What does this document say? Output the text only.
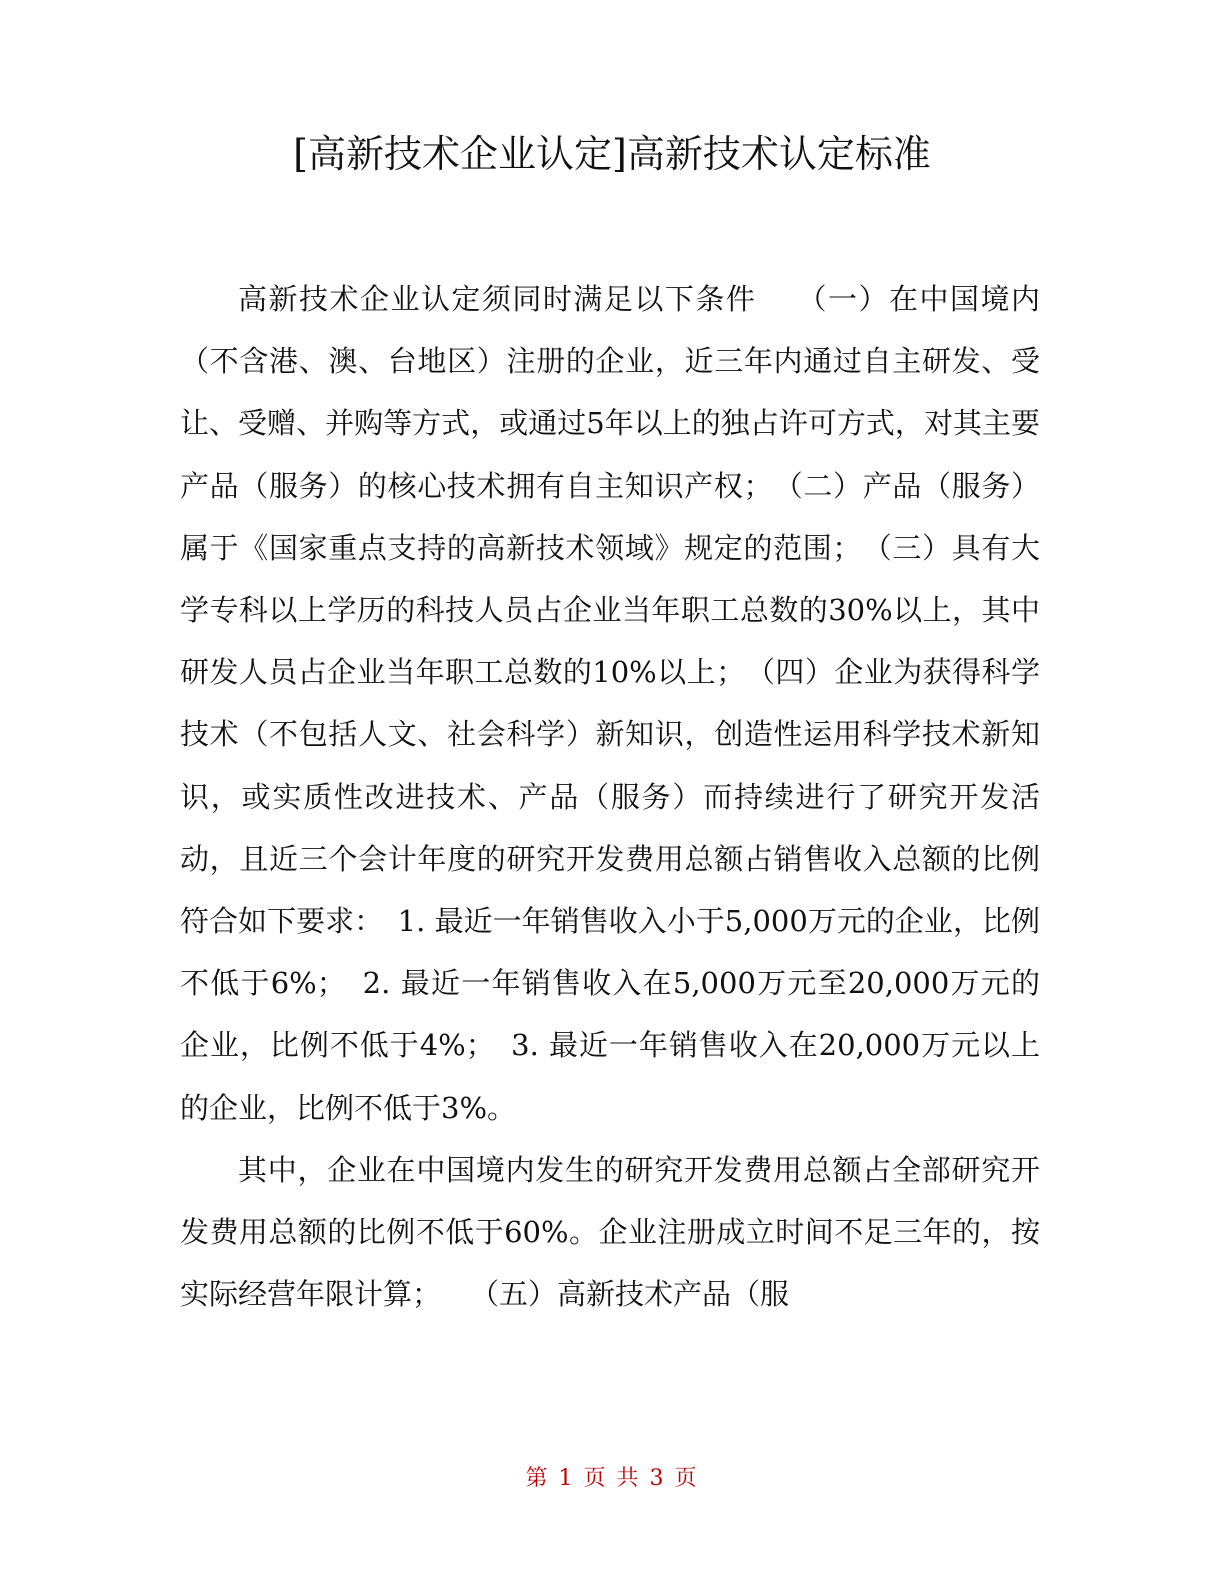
[高新技术企业认定]高新技术认定标准

高新技术企业认定须同时满足以下条件　 （一）在中国境内（不含港、澳、台地区）注册的企业，近三年内通过自主研发、受让、受赠、并购等方式，或通过5年以上的独占许可方式，对其主要产品（服务）的核心技术拥有自主知识产权；　（二）产品（服务）属于《国家重点支持的高新技术领域》规定的范围；　（三）具有大学专科以上学历的科技人员占企业当年职工总数的30%以上，其中研发人员占企业当年职工总数的10%以上；　（四）企业为获得科学技术（不包括人文、社会科学）新知识，创造性运用科学技术新知识，或实质性改进技术、产品（服务）而持续进行了研究开发活动，且近三个会计年度的研究开发费用总额占销售收入总额的比例符合如下要求：　1. 最近一年销售收入小于5,000万元的企业，比例不低于6%；　2. 最近一年销售收入在5,000万元至20,000万元的企业，比例不低于4%；　3. 最近一年销售收入在20,000万元以上的企业，比例不低于3%。

其中，企业在中国境内发生的研究开发费用总额占全部研究开发费用总额的比例不低于60%。企业注册成立时间不足三年的，按实际经营年限计算；　　（五）高新技术产品（服

第 1 页 共 3 页
